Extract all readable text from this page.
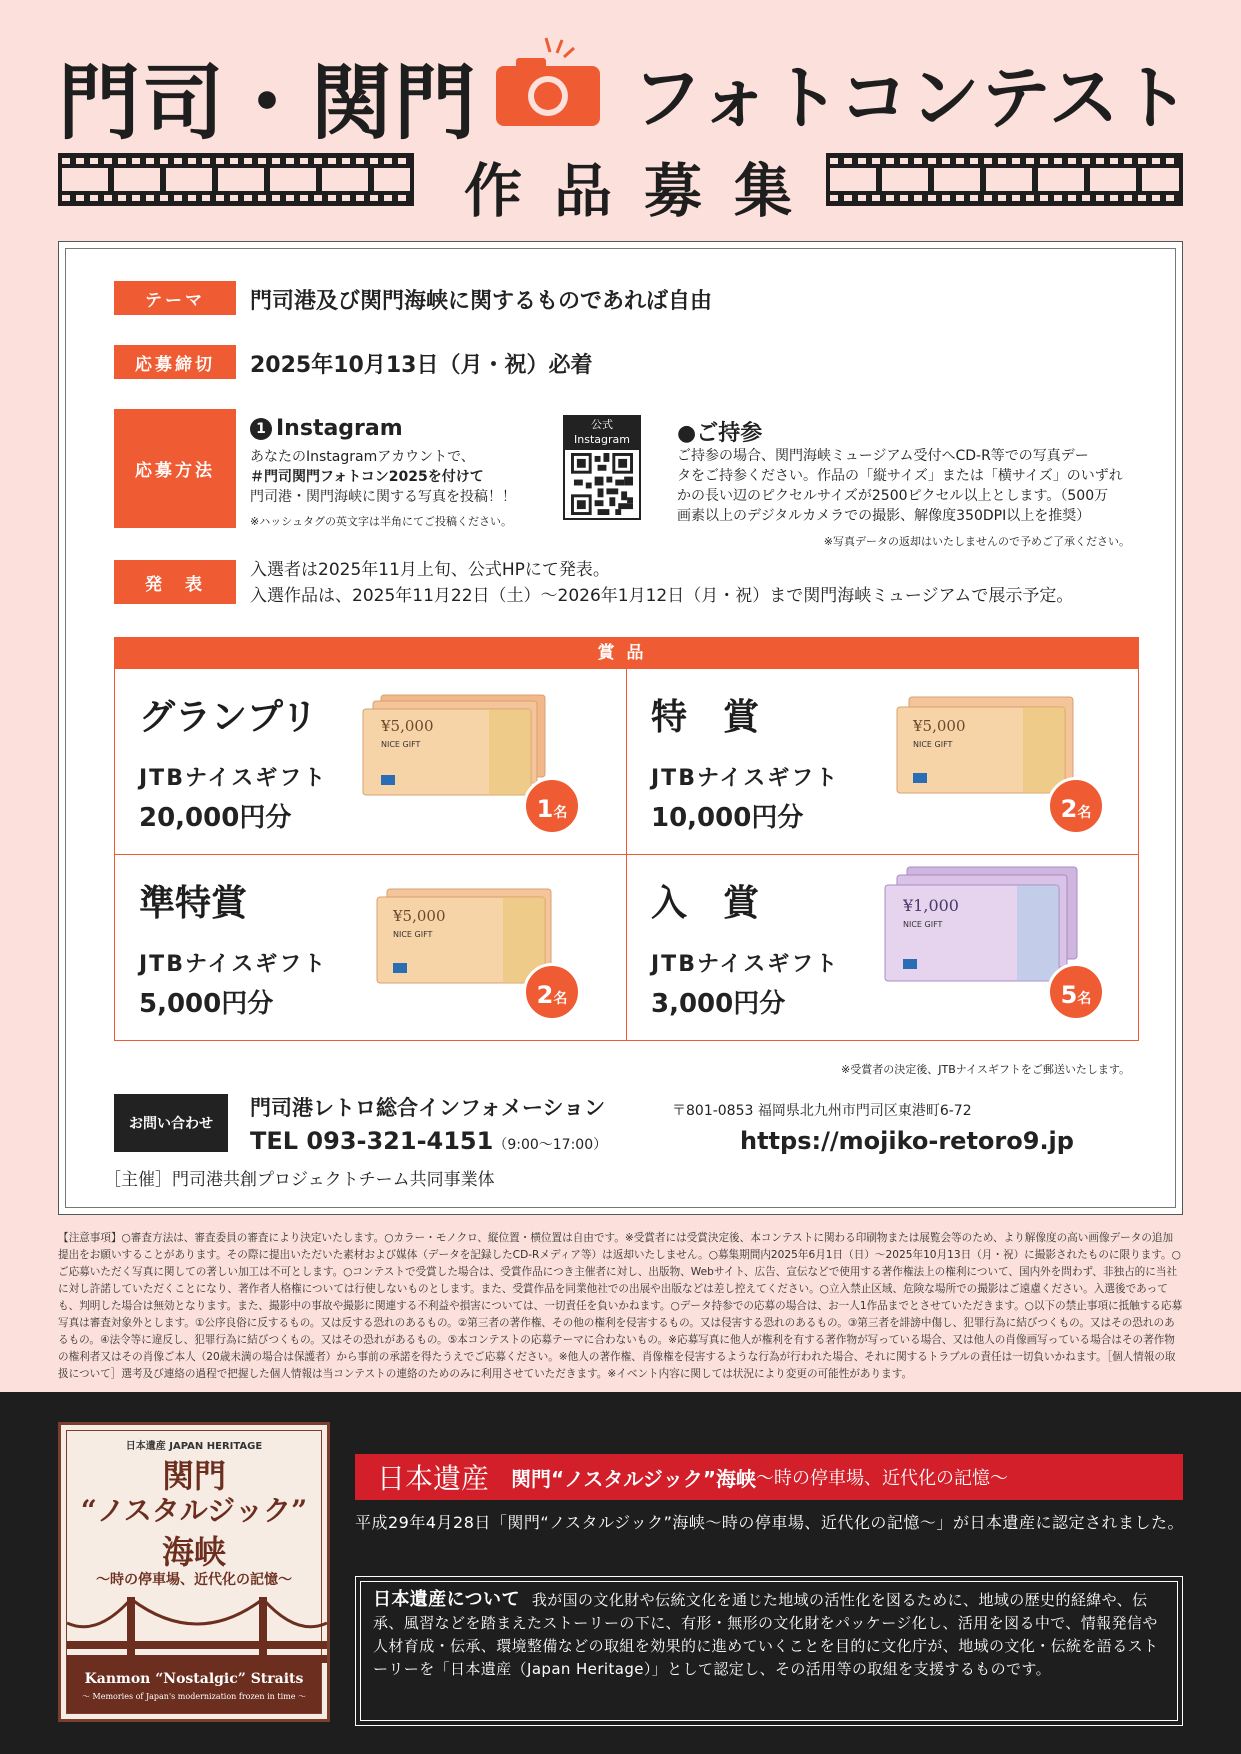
門司・関門 フォトコンテスト
作品募集
テーマ	門司港及び関門海峡に関するものであれば自由
応募締切	2025年10月13日（月・祝）必着
応募方法
1 Instagram
あなたのInstagramアカウントで、
＃門司関門フォトコン2025を付けて
門司港・関門海峡に関する写真を投稿！！
※ハッシュタグの英文字は半角にてご投稿ください。
公式
Instagram	●ご持参
ご持参の場合、関門海峡ミュージアム受付へCD-R等での写真デー
タをご持参ください。作品の「縦サイズ」または「横サイズ」のいずれ
かの長い辺のピクセルサイズが2500ピクセル以上とします。（500万
画素以上のデジタルカメラでの撮影、解像度350DPI以上を推奨）
※写真データの返却はいたしませんので予めご了承ください。
発　表
入選者は2025年11月上旬、公式HPにて発表。
入選作品は、2025年11月22日（土）～2026年1月12日（月・祝）まで関門海峡ミュージアムで展示予定。
賞品
グランプリ
JTBナイスギフト
20,000円分
¥5,000
NICE GIFT
1名
特　賞
JTBナイスギフト
10,000円分
¥5,000
NICE GIFT
2名
準特賞
JTBナイスギフト
5,000円分
¥5,000
NICE GIFT
2名
入　賞
JTBナイスギフト
3,000円分
¥1,000
NICE GIFT
5名
※受賞者の決定後、JTBナイスギフトをご郵送いたします。
お問い合わせ
門司港レトロ総合インフォメーション	〒801-0853 福岡県北九州市門司区東港町6-72
TEL 093-321-4151（9:00～17:00）	https://mojiko-retoro9.jp
［主催］門司港共創プロジェクトチーム共同事業体
【注意事項】○審査方法は、審査委員の審査により決定いたします。○カラー・モノクロ、縦位置・横位置は自由です。※受賞者には受賞決定後、本コンテストに関わる印刷物または展覧会等のため、より解像度の高い画像データの追加提出をお願いすることがあります。その際に提出いただいた素材および媒体（データを記録したCD-Rメディア等）は返却いたしません。○募集期間内2025年6月1日（日）～2025年10月13日（月・祝）に撮影されたものに限ります。○ご応募いただく写真に関しての著しい加工は不可とします。○コンテストで受賞した場合は、受賞作品につき主催者に対し、出版物、Webサイト、広告、宣伝などで使用する著作権法上の権利について、国内外を問わず、非独占的に当社に対し許諾していただくことになり、著作者人格権については行使しないものとします。また、受賞作品を同業他社での出展や出版などは差し控えてください。○立入禁止区域、危険な場所での撮影はご遠慮ください。入選後であっても、判明した場合は無効となります。また、撮影中の事故や撮影に関連する不利益や損害については、一切責任を負いかねます。○データ持参での応募の場合は、お一人1作品までとさせていただきます。○以下の禁止事項に抵触する応募写真は審査対象外とします。①公序良俗に反するもの。又は反する恐れのあるもの。②第三者の著作権、その他の権利を侵害するもの。又は侵害する恐れのあるもの。③第三者を誹謗中傷し、犯罪行為に結びつくもの。又はその恐れのあるもの。④法令等に違反し、犯罪行為に結びつくもの。又はその恐れがあるもの。⑤本コンテストの応募テーマに合わないもの。※応募写真に他人が権利を有する著作物が写っている場合、又は他人の肖像画写っている場合はその著作物の権利者又はその肖像ご本人（20歳未満の場合は保護者）から事前の承諾を得たうえでご応募ください。※他人の著作権、肖像権を侵害するような行為が行われた場合、それに関するトラブルの責任は一切負いかねます。［個人情報の取扱について］選考及び連絡の過程で把握した個人情報は当コンテストの連絡のためのみに利用させていただきます。※イベント内容に関しては状況により変更の可能性があります。
日本遺産 JAPAN HERITAGE
関門
“ノスタルジック”
海峡
～時の停車場、近代化の記憶～
Kanmon “Nostalgic” Straits
～ Memories of Japan's modernization frozen in time ～
日本遺産 関門“ノスタルジック”海峡 ～時の停車場、近代化の記憶～
平成29年4月28日「関門“ノスタルジック”海峡～時の停車場、近代化の記憶～」が日本遺産に認定されました。
日本遺産について 我が国の文化財や伝統文化を通じた地域の活性化を図るために、地域の歴史的経緯や、伝承、風習などを踏まえたストーリーの下に、有形・無形の文化財をパッケージ化し、活用を図る中で、情報発信や人材育成・伝承、環境整備などの取組を効果的に進めていくことを目的に文化庁が、地域の文化・伝統を語るストーリーを「日本遺産（Japan Heritage）」として認定し、その活用等の取組を支援するものです。
